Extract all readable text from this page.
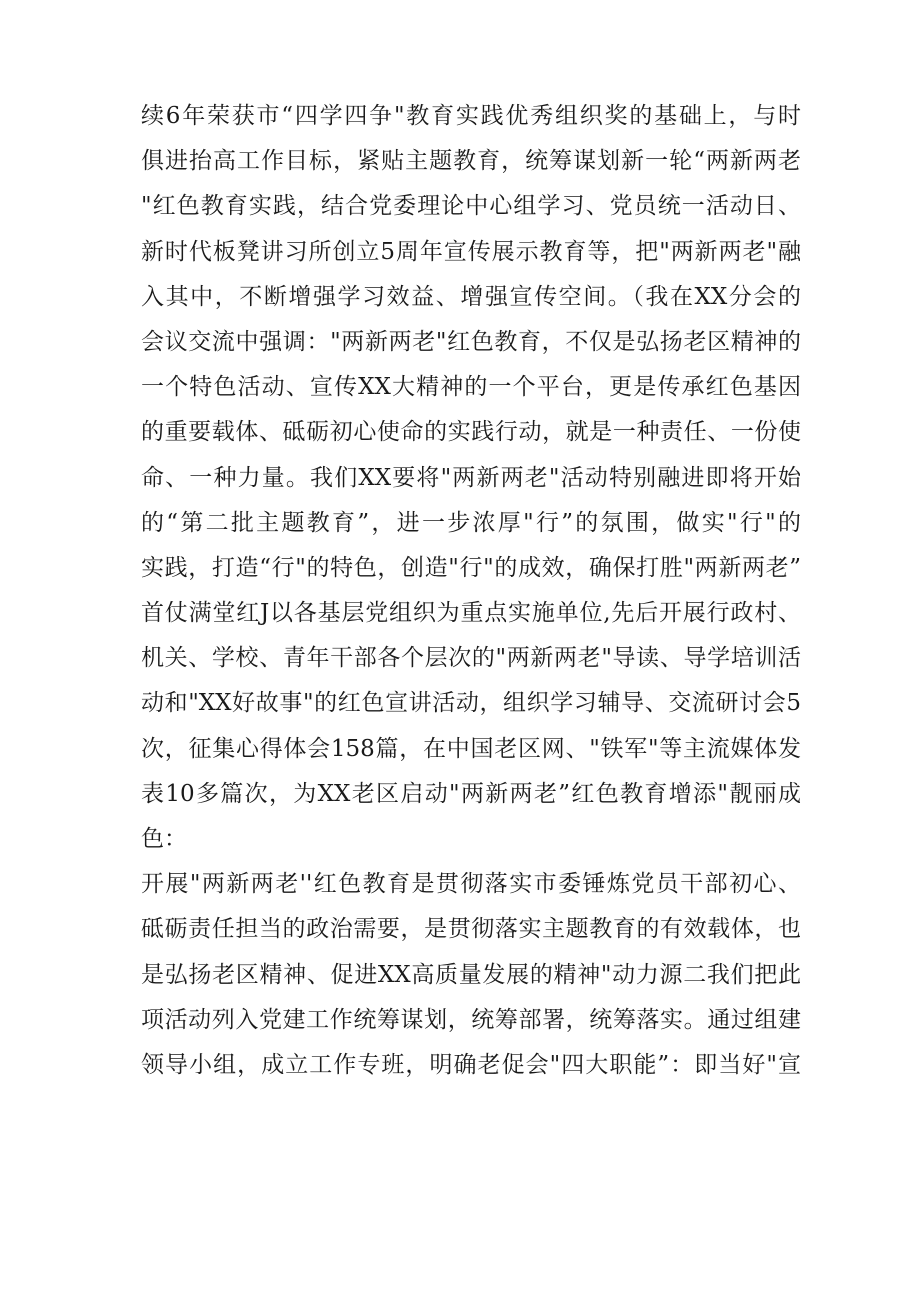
续6年荣获市“四学四争"教育实践优秀组织奖的基础上，与时
俱进抬高工作目标，紧贴主题教育，统筹谋划新一轮“两新两老
"红色教育实践，结合党委理论中心组学习、党员统一活动日、
新时代板凳讲习所创立5周年宣传展示教育等，把"两新两老"融
入其中，不断增强学习效益、增强宣传空间。（我在XX分会的
会议交流中强调："两新两老"红色教育，不仅是弘扬老区精神的
一个特色活动、宣传XX大精神的一个平台，更是传承红色基因
的重要载体、砥砺初心使命的实践行动，就是一种责任、一份使
命、一种力量。我们XX要将"两新两老"活动特别融进即将开始
的“第二批主题教育”，进一步浓厚"行”的氛围，做实"行"的
实践，打造“行"的特色，创造"行"的成效，确保打胜"两新两老”
首仗满堂红J以各基层党组织为重点实施单位,先后开展行政村、
机关、学校、青年干部各个层次的"两新两老"导读、导学培训活
动和"XX好故事"的红色宣讲活动，组织学习辅导、交流研讨会5
次，征集心得体会158篇，在中国老区网、"铁军"等主流媒体发
表10多篇次，为XX老区启动"两新两老”红色教育增添"靓丽成
色：
开展"两新两老''红色教育是贯彻落实市委锤炼党员干部初心、
砥砺责任担当的政治需要，是贯彻落实主题教育的有效载体，也
是弘扬老区精神、促进XX高质量发展的精神"动力源二我们把此
项活动列入党建工作统筹谋划，统筹部署，统筹落实。通过组建
领导小组，成立工作专班，明确老促会"四大职能”：即当好"宣
